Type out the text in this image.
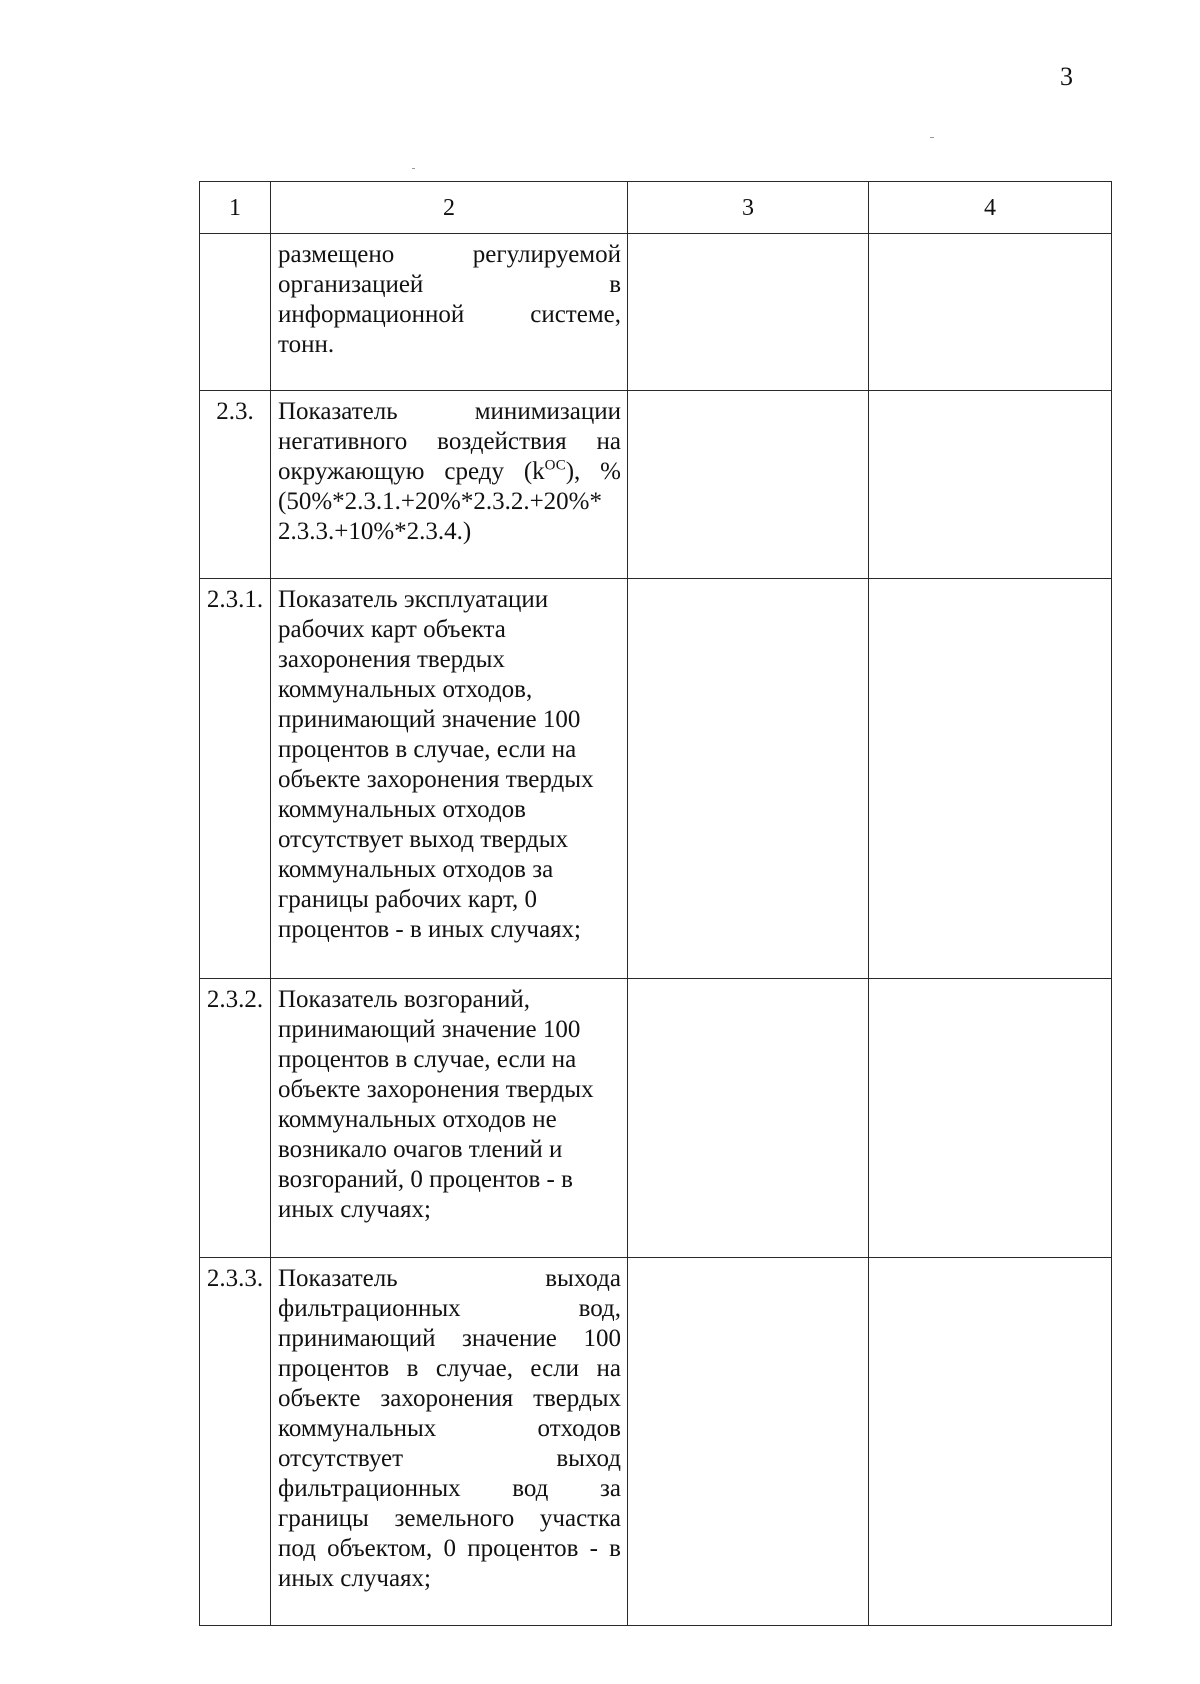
3
1	2	3	4
	размещено регулируемой организацией в информационной системе, тонн.		
2.3.	Показатель минимизации негативного воздействия на окружающую среду $(k^{ОС})$, % (50%*2.3.1.+20%*2.3.2.+20%* 2.3.3.+10%*2.3.4.)		
2.3.1.	Показатель эксплуатации рабочих карт объекта захоронения твердых коммунальных отходов, принимающий значение 100 процентов в случае, если на объекте захоронения твердых коммунальных отходов отсутствует выход твердых коммунальных отходов за границы рабочих карт, 0 процентов - в иных случаях;		
2.3.2.	Показатель возгораний, принимающий значение 100 процентов в случае, если на объекте захоронения твердых коммунальных отходов не возникало очагов тлений и возгораний, 0 процентов - в иных случаях;		
2.3.3.	Показатель выхода фильтрационных вод, принимающий значение 100 процентов в случае, если на объекте захоронения твердых коммунальных отходов отсутствует выход фильтрационных вод за границы земельного участка под объектом, 0 процентов - в иных случаях;		
